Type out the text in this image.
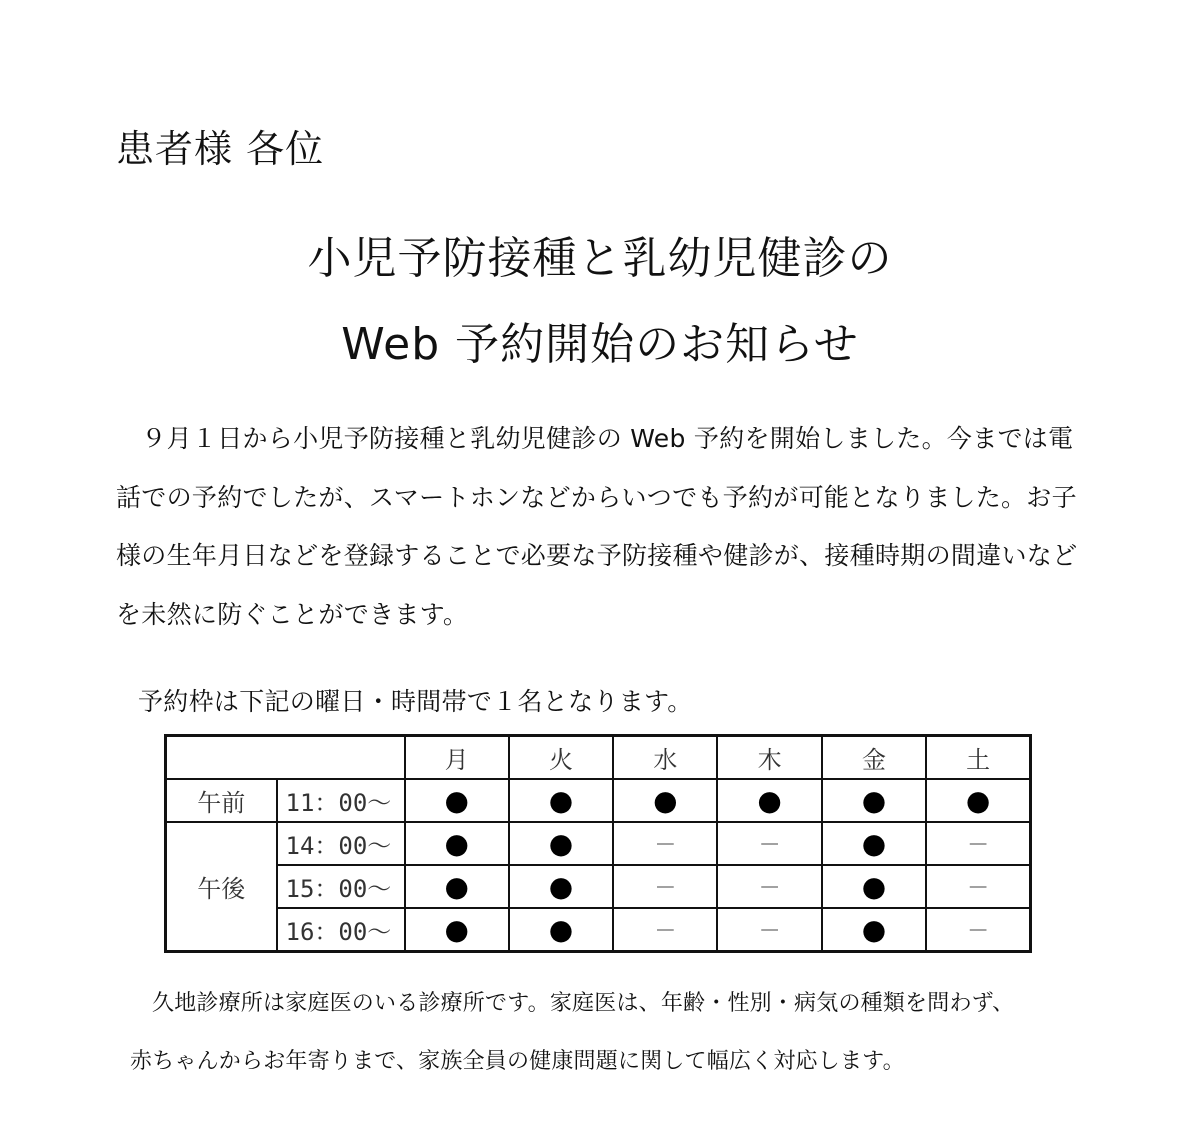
患者様 各位
小児予防接種と乳幼児健診の
Web 予約開始のお知らせ

　９月１日から小児予防接種と乳幼児健診の Web 予約を開始しました。今までは電話での予約でしたが、スマートホンなどからいつでも予約が可能となりました。お子様の生年月日などを登録することで必要な予防接種や健診が、接種時期の間違いなどを未然に防ぐことができます。

予約枠は下記の曜日・時間帯で１名となります。

		月	火	水	木	金	土
午前	11：00～	●	●	●	●	●	●
午後	14：00～	●	●	－	－	●	－
	15：00～	●	●	－	－	●	－
	16：00～	●	●	－	－	●	－

久地診療所は家庭医のいる診療所です。家庭医は、年齢・性別・病気の種類を問わず、

赤ちゃんからお年寄りまで、家族全員の健康問題に関して幅広く対応します。
